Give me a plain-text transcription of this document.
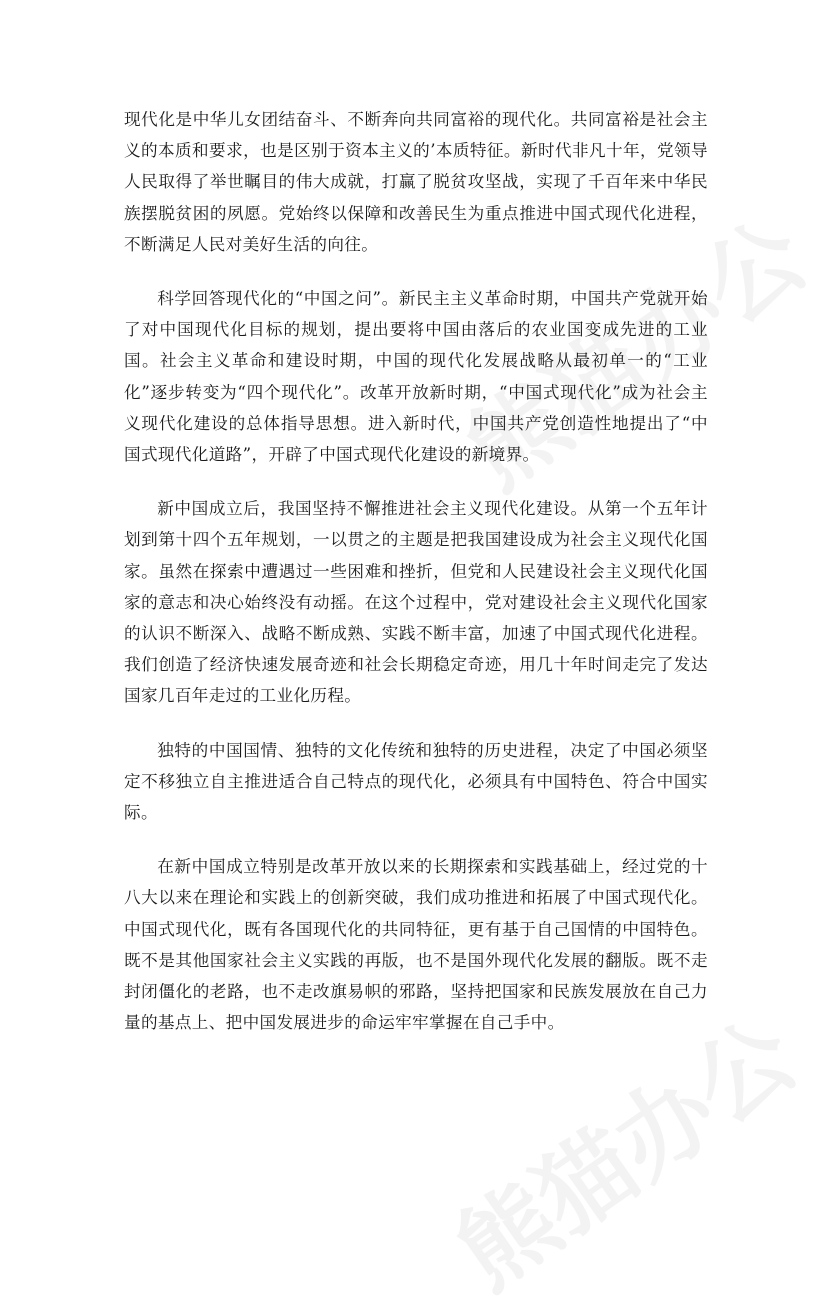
现代化是中华儿女团结奋斗、不断奔向共同富裕的现代化。共同富裕是社会主义的本质和要求，也是区别于资本主义的’本质特征。新时代非凡十年，党领导人民取得了举世瞩目的伟大成就，打赢了脱贫攻坚战，实现了千百年来中华民族摆脱贫困的夙愿。党始终以保障和改善民生为重点推进中国式现代化进程，不断满足人民对美好生活的向往。

科学回答现代化的“中国之问”。新民主主义革命时期，中国共产党就开始了对中国现代化目标的规划，提出要将中国由落后的农业国变成先进的工业国。社会主义革命和建设时期，中国的现代化发展战略从最初单一的“工业化”逐步转变为“四个现代化”。改革开放新时期，“中国式现代化”成为社会主义现代化建设的总体指导思想。进入新时代，中国共产党创造性地提出了“中国式现代化道路”，开辟了中国式现代化建设的新境界。

新中国成立后，我国坚持不懈推进社会主义现代化建设。从第一个五年计划到第十四个五年规划，一以贯之的主题是把我国建设成为社会主义现代化国家。虽然在探索中遭遇过一些困难和挫折，但党和人民建设社会主义现代化国家的意志和决心始终没有动摇。在这个过程中，党对建设社会主义现代化国家的认识不断深入、战略不断成熟、实践不断丰富，加速了中国式现代化进程。我们创造了经济快速发展奇迹和社会长期稳定奇迹，用几十年时间走完了发达国家几百年走过的工业化历程。

独特的中国国情、独特的文化传统和独特的历史进程，决定了中国必须坚定不移独立自主推进适合自己特点的现代化，必须具有中国特色、符合中国实际。

在新中国成立特别是改革开放以来的长期探索和实践基础上，经过党的十八大以来在理论和实践上的创新突破，我们成功推进和拓展了中国式现代化。中国式现代化，既有各国现代化的共同特征，更有基于自己国情的中国特色。既不是其他国家社会主义实践的再版，也不是国外现代化发展的翻版。既不走封闭僵化的老路，也不走改旗易帜的邪路，坚持把国家和民族发展放在自己力量的基点上、把中国发展进步的命运牢牢掌握在自己手中。
